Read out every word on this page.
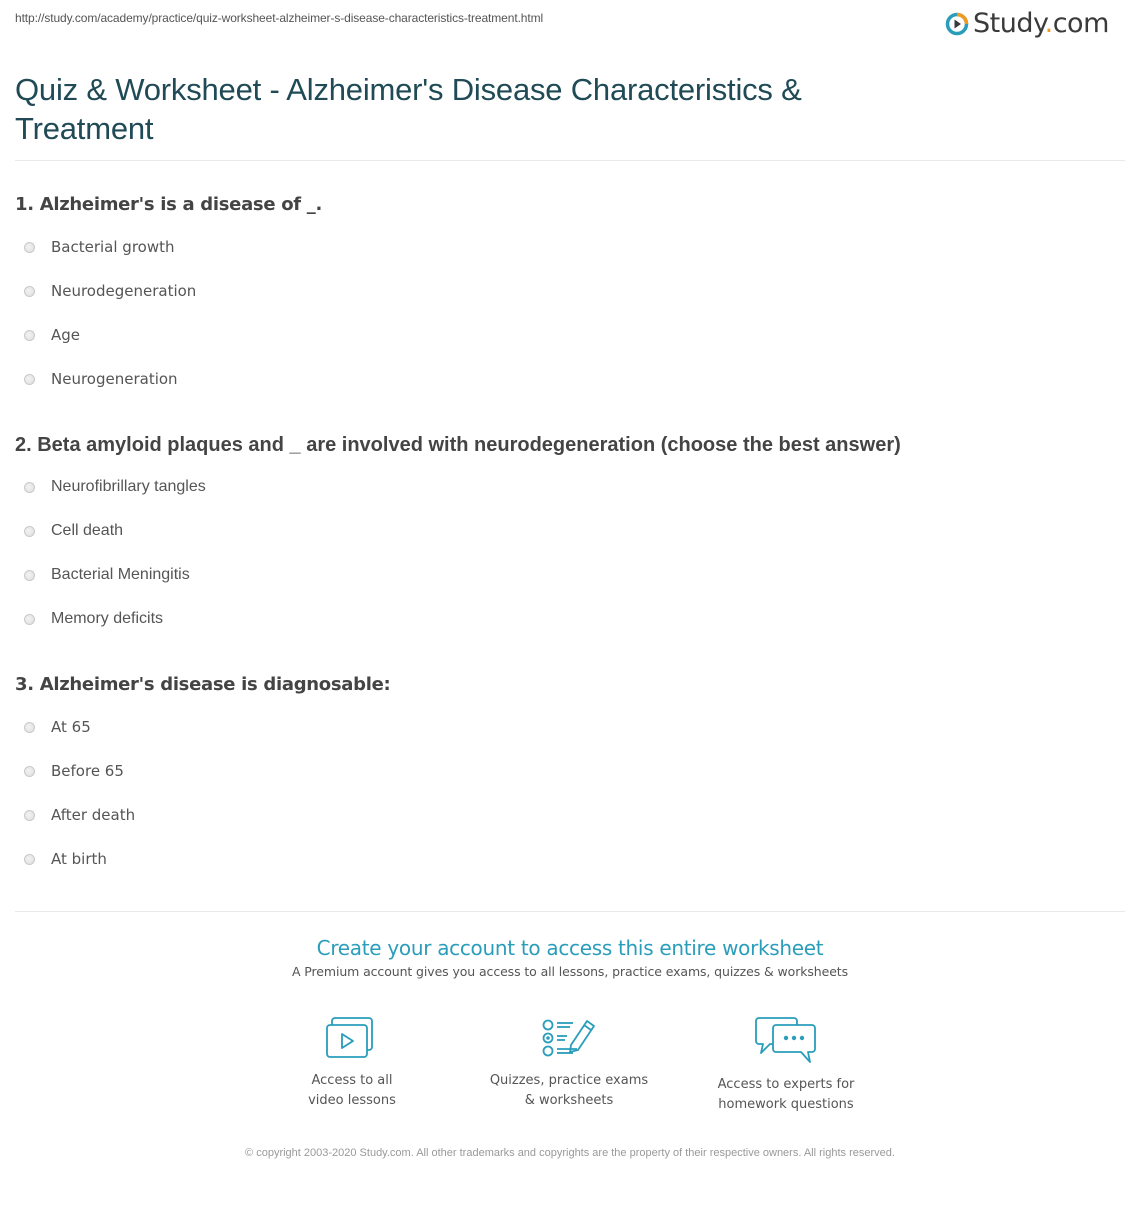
http://study.com/academy/practice/quiz-worksheet-alzheimer-s-disease-characteristics-treatment.html	Study.com
Quiz & Worksheet - Alzheimer's Disease Characteristics & Treatment
1. Alzheimer's is a disease of _.
Bacterial growth
Neurodegeneration
Age
Neurogeneration
2. Beta amyloid plaques and _ are involved with neurodegeneration (choose the best answer)
Neurofibrillary tangles
Cell death
Bacterial Meningitis
Memory deficits
3. Alzheimer's disease is diagnosable:
At 65
Before 65
After death
At birth
Create your account to access this entire worksheet
A Premium account gives you access to all lessons, practice exams, quizzes & worksheets
Access to all
video lessons
Quizzes, practice exams
& worksheets
Access to experts for
homework questions
© copyright 2003-2020 Study.com. All other trademarks and copyrights are the property of their respective owners. All rights reserved.
